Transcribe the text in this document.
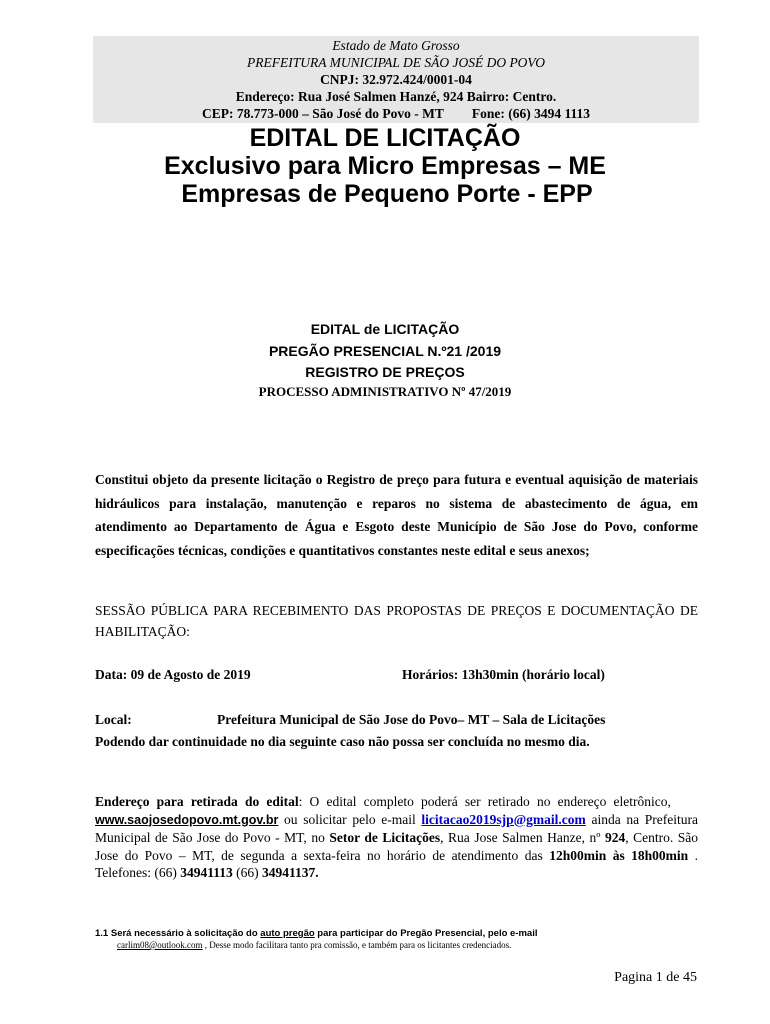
Estado de Mato Grosso
PREFEITURA MUNICIPAL DE SÃO JOSÉ DO POVO
CNPJ: 32.972.424/0001-04
Endereço: Rua José Salmen Hanzé, 924 Bairro: Centro.
CEP: 78.773-000 – São José do Povo - MT Fone: (66) 3494 1113
EDITAL DE LICITAÇÃO
Exclusivo para Micro Empresas – ME
Empresas de Pequeno Porte - EPP
EDITAL de LICITAÇÃO
PREGÃO PRESENCIAL N.º21 /2019
REGISTRO DE PREÇOS
PROCESSO ADMINISTRATIVO Nº 47/2019
Constitui objeto da presente licitação o Registro de preço para futura e eventual aquisição de materiais hidráulicos para instalação, manutenção e reparos no sistema de abastecimento de água, em atendimento ao Departamento de Água e Esgoto deste Município de São Jose do Povo, conforme especificações técnicas, condições e quantitativos constantes neste edital e seus anexos;
SESSÃO PÚBLICA PARA RECEBIMENTO DAS PROPOSTAS DE PREÇOS E DOCUMENTAÇÃO DE HABILITAÇÃO:
Data: 09 de Agosto de 2019	Horários: 13h30min (horário local)
Local:	Prefeitura Municipal de São Jose do Povo– MT – Sala de Licitações
Podendo dar continuidade no dia seguinte caso não possa ser concluída no mesmo dia.
Endereço para retirada do edital: O edital completo poderá ser retirado no endereço eletrônico, www.saojosedopovo.mt.gov.br ou solicitar pelo e-mail licitacao2019sjp@gmail.com ainda na Prefeitura Municipal de São Jose do Povo - MT, no Setor de Licitações, Rua Jose Salmen Hanze, nº 924, Centro. São Jose do Povo – MT, de segunda a sexta-feira no horário de atendimento das 12h00min às 18h00min . Telefones: (66) 34941113 (66) 34941137.
1.1 Será necessário à solicitação do auto pregão para participar do Pregão Presencial, pelo e-mail
carlim08@outlook.com , Desse modo facilitara tanto pra comissão, e também para os licitantes credenciados.
Pagina 1 de 45
